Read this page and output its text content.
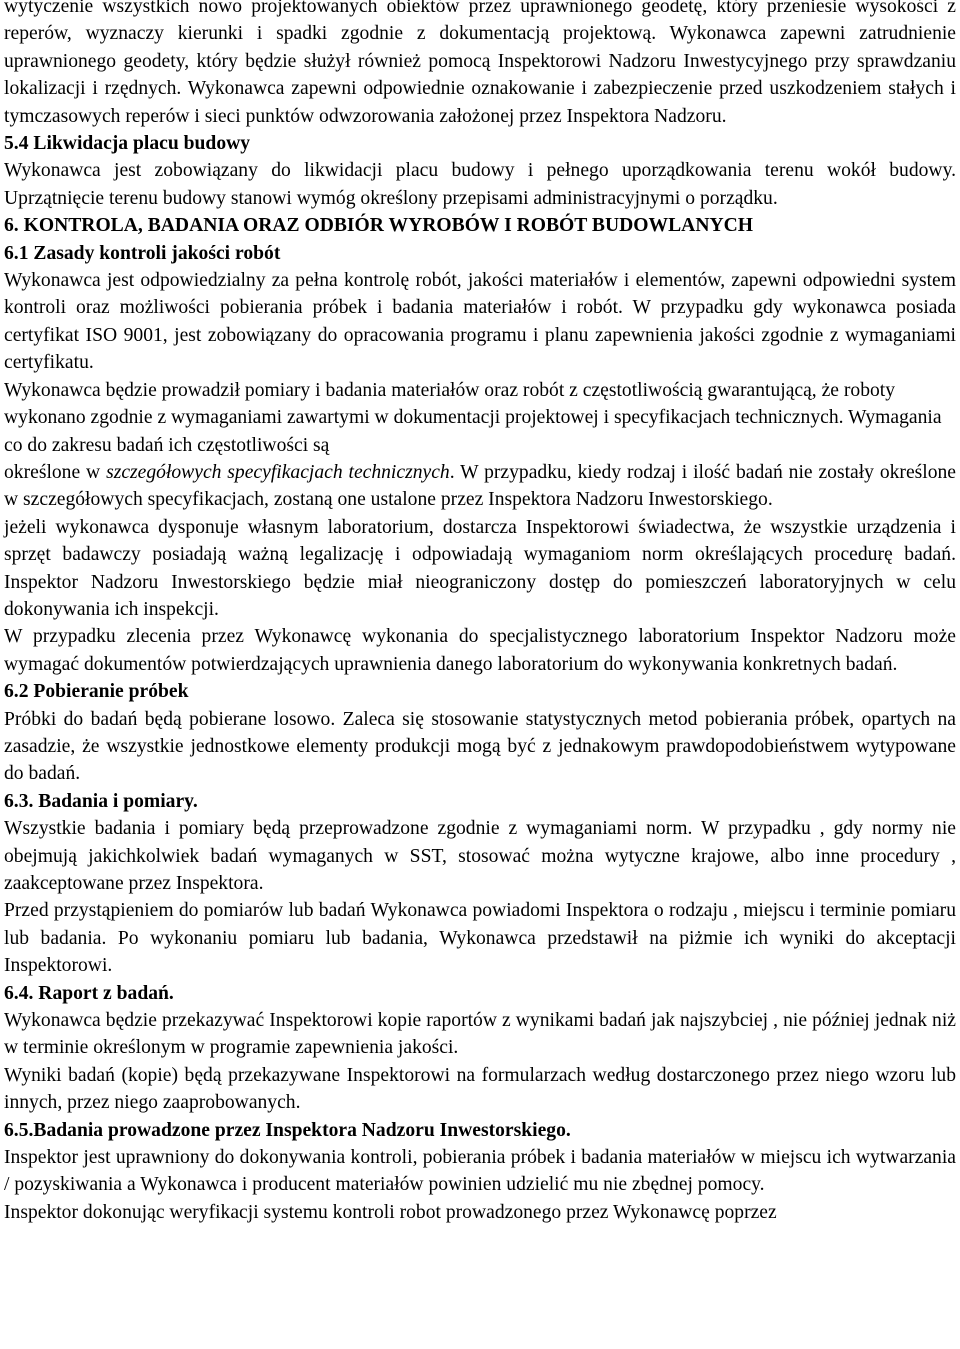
wytyczenie wszystkich nowo projektowanych obiektów przez uprawnionego geodetę, który przeniesie wysokości z reperów, wyznaczy kierunki i spadki zgodnie z dokumentacją projektową. Wykonawca zapewni zatrudnienie uprawnionego geodety, który będzie służył również pomocą Inspektorowi Nadzoru Inwestycyjnego przy sprawdzaniu lokalizacji i rzędnych. Wykonawca zapewni odpowiednie oznakowanie i zabezpieczenie przed uszkodzeniem stałych i tymczasowych reperów i sieci punktów odwzorowania założonej przez Inspektora Nadzoru.

5.4 Likwidacja placu budowy

Wykonawca jest zobowiązany do likwidacji placu budowy i pełnego uporządkowania terenu wokół budowy. Uprzątnięcie terenu budowy stanowi wymóg określony przepisami administracyjnymi o porządku.

6. KONTROLA, BADANIA ORAZ ODBIÓR WYROBÓW I ROBÓT BUDOWLANYCH
6.1 Zasady kontroli jakości robót

Wykonawca jest odpowiedzialny za pełna kontrolę robót, jakości materiałów i elementów, zapewni odpowiedni system kontroli oraz możliwości pobierania próbek i badania materiałów i robót. W przypadku gdy wykonawca posiada certyfikat ISO 9001, jest zobowiązany do opracowania programu i planu zapewnienia jakości zgodnie z wymaganiami certyfikatu.

Wykonawca będzie prowadził pomiary i badania materiałów oraz robót z częstotliwością gwarantującą, że roboty wykonano zgodnie z wymaganiami zawartymi w dokumentacji projektowej i specyfikacjach technicznych. Wymagania co do zakresu badań ich częstotliwości są

określone w szczegółowych specyfikacjach technicznych. W przypadku, kiedy rodzaj i ilość badań nie zostały określone w szczegółowych specyfikacjach, zostaną one ustalone przez Inspektora Nadzoru Inwestorskiego.

jeżeli wykonawca dysponuje własnym laboratorium, dostarcza Inspektorowi świadectwa, że wszystkie urządzenia i sprzęt badawczy posiadają ważną legalizację i odpowiadają wymaganiom norm określających procedurę badań. Inspektor Nadzoru Inwestorskiego będzie miał nieograniczony dostęp do pomieszczeń laboratoryjnych w celu dokonywania ich inspekcji.

W przypadku zlecenia przez Wykonawcę wykonania do specjalistycznego laboratorium Inspektor Nadzoru może wymagać dokumentów potwierdzających uprawnienia danego laboratorium do wykonywania konkretnych badań.

6.2 Pobieranie próbek

Próbki do badań będą pobierane losowo. Zaleca się stosowanie statystycznych metod pobierania próbek, opartych na zasadzie, że wszystkie jednostkowe elementy produkcji mogą być z jednakowym prawdopodobieństwem wytypowane do badań.

6.3. Badania i pomiary.

Wszystkie badania i pomiary będą przeprowadzone zgodnie z wymaganiami norm. W przypadku , gdy normy nie obejmują jakichkolwiek badań wymaganych w SST, stosować można wytyczne krajowe, albo inne procedury , zaakceptowane przez Inspektora.

Przed przystąpieniem do pomiarów lub badań Wykonawca powiadomi Inspektora o rodzaju , miejscu i terminie pomiaru lub badania. Po wykonaniu pomiaru lub badania, Wykonawca przedstawił na piżmie ich wyniki do akceptacji Inspektorowi.

6.4. Raport z badań.

Wykonawca będzie przekazywać Inspektorowi kopie raportów z wynikami badań jak najszybciej , nie później jednak niż w terminie określonym w programie zapewnienia jakości.

Wyniki badań (kopie) będą przekazywane Inspektorowi na formularzach według dostarczonego przez niego wzoru lub innych, przez niego zaaprobowanych.

6.5.Badania prowadzone przez Inspektora Nadzoru Inwestorskiego.

Inspektor jest uprawniony do dokonywania kontroli, pobierania próbek i badania materiałów w miejscu ich wytwarzania / pozyskiwania a Wykonawca i producent materiałów powinien udzielić mu nie zbędnej pomocy.

Inspektor dokonując weryfikacji systemu kontroli robot prowadzonego przez Wykonawcę poprzez
